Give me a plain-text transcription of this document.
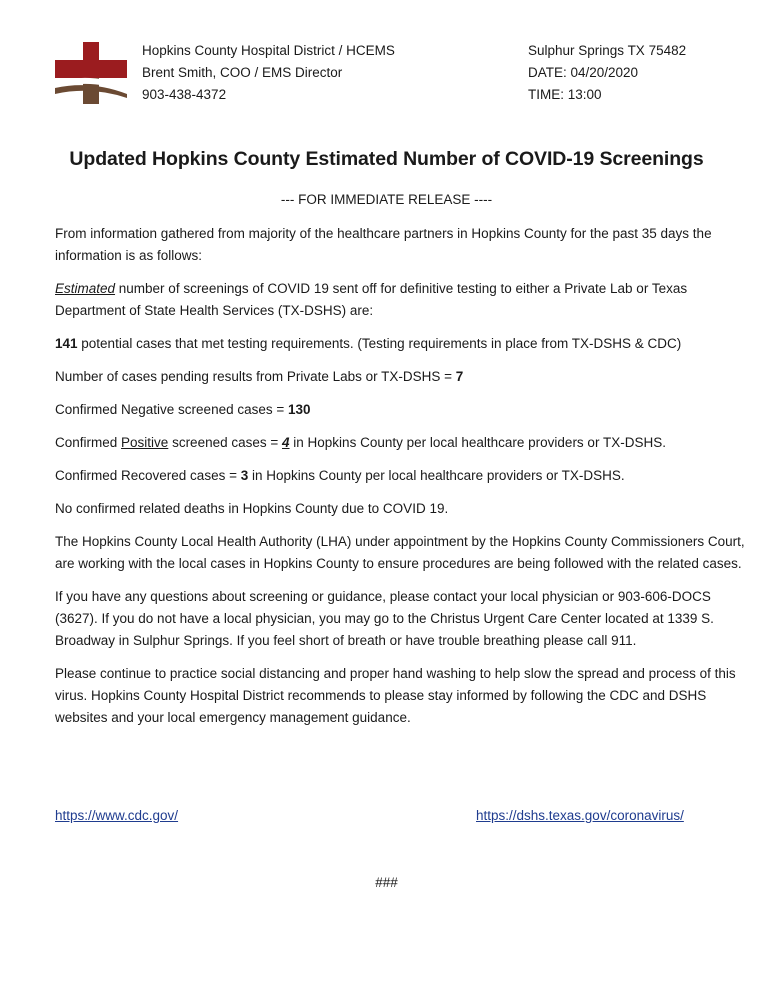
Hopkins County Hospital District / HCEMS
Brent Smith, COO / EMS Director
903-438-4372
Sulphur Springs TX 75482
DATE: 04/20/2020
TIME: 13:00
Updated Hopkins County Estimated Number of COVID-19 Screenings
--- FOR IMMEDIATE RELEASE ----

From information gathered from majority of the healthcare partners in Hopkins County for the past 35 days the information is as follows:

Estimated number of screenings of COVID 19 sent off for definitive testing to either a Private Lab or Texas Department of State Health Services (TX-DSHS) are:

141 potential cases that met testing requirements. (Testing requirements in place from TX-DSHS & CDC)

Number of cases pending results from Private Labs or TX-DSHS = 7

Confirmed Negative screened cases = 130

Confirmed Positive screened cases = 4 in Hopkins County per local healthcare providers or TX-DSHS.

Confirmed Recovered cases = 3 in Hopkins County per local healthcare providers or TX-DSHS.

No confirmed related deaths in Hopkins County due to COVID 19.

The Hopkins County Local Health Authority (LHA) under appointment by the Hopkins County Commissioners Court, are working with the local cases in Hopkins County to ensure procedures are being followed with the related cases.

If you have any questions about screening or guidance, please contact your local physician or 903-606-DOCS (3627). If you do not have a local physician, you may go to the Christus Urgent Care Center located at 1339 S. Broadway in Sulphur Springs. If you feel short of breath or have trouble breathing please call 911.

Please continue to practice social distancing and proper hand washing to help slow the spread and process of this virus. Hopkins County Hospital District recommends to please stay informed by following the CDC and DSHS websites and your local emergency management guidance.

https://www.cdc.gov/	https://dshs.texas.gov/coronavirus/
###
